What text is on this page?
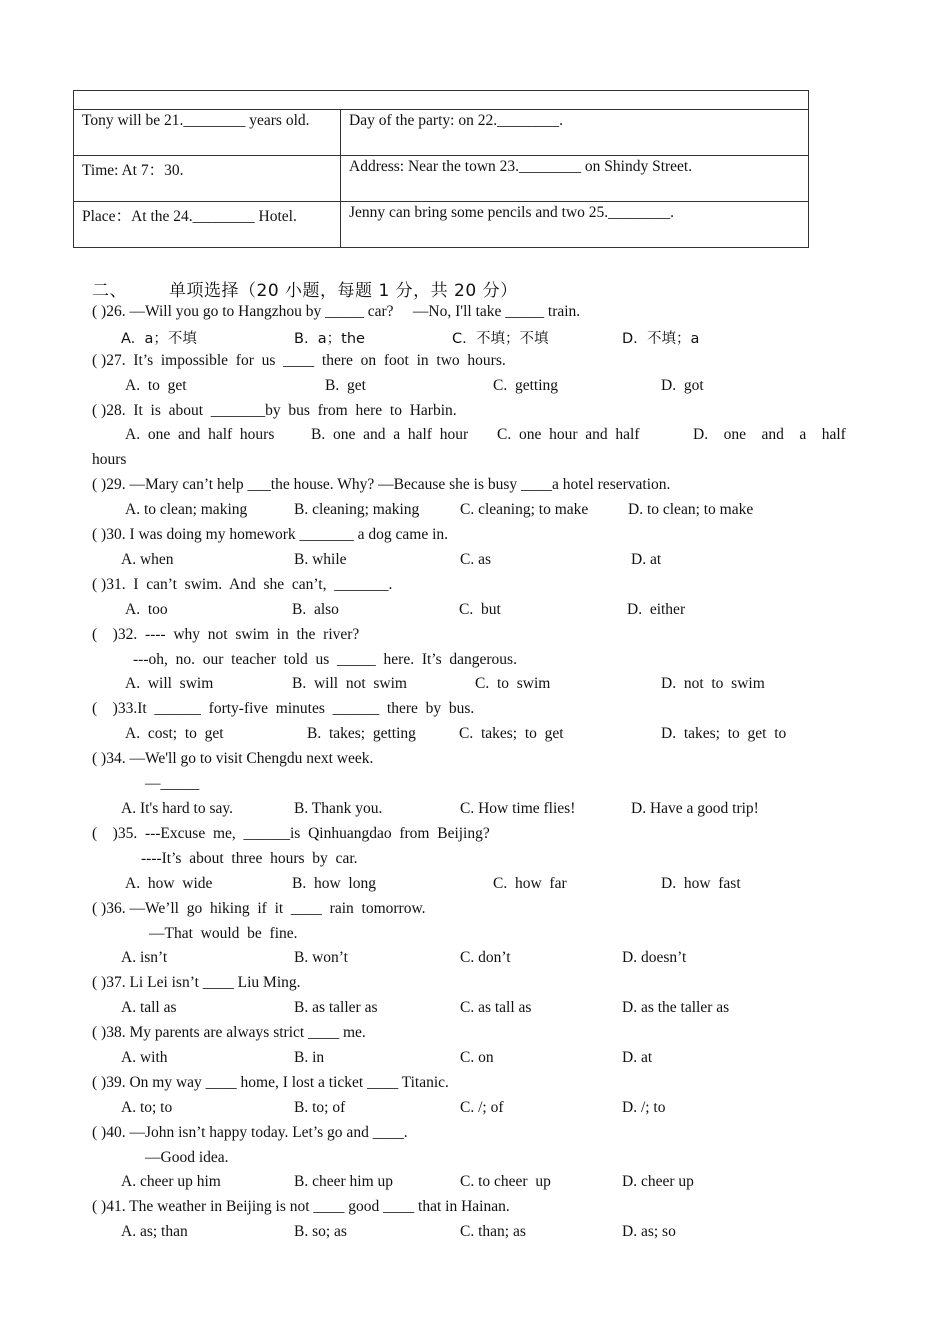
Tony will be 21.________ years old.	Day of the party: on 22.________.
Time: At 7：30.	Address: Near the town 23.________ on Shindy Street.
Place：At the 24.________ Hotel.	Jenny can bring some pencils and two 25.________.
二、 单项选择（20 小题，每题 1 分，共 20 分）
( )26. —Will you go to Hangzhou by _____ car?     —No, I'll take _____ train.
A.  a；不填	B.  a；the	C.  不填；不填	D.  不填；a
( )27.  It’s  impossible  for  us  ____  there  on  foot  in  two  hours.
A.  to  get	B.  get	C.  getting	D.  got
( )28.  It  is  about  _______by  bus  from  here  to  Harbin.
A.  one  and  half  hours B.  one  and  a  half  hour C.  one  hour  and  half	D.    one    and    a    half
hours
( )29. —Mary can’t help ___the house. Why? —Because she is busy ____a hotel reservation.
A. to clean; making	B. cleaning; making	C. cleaning; to make	D. to clean; to make
( )30. I was doing my homework _______ a dog came in.
A. when	B. while	C. as	D. at
( )31.  I  can’t  swim.  And  she  can’t,  _______.
A.  too	B.  also	C.  but	D.  either
(    )32.  ----  why  not  swim  in  the  river?
---oh,  no.  our  teacher  told  us  _____  here.  It’s  dangerous.
A.  will  swim	B.  will  not  swim	C.  to  swim	D.  not  to  swim
(    )33.It  ______  forty-five  minutes  ______  there  by  bus.
A.  cost;  to  get	B.  takes;  getting	C.  takes;  to  get	D.  takes;  to  get  to
( )34. —We'll go to visit Chengdu next week.
—_____
A. It's hard to say.	B. Thank you.	C. How time flies!	D. Have a good trip!
(    )35.  ---Excuse  me,  ______is  Qinhuangdao  from  Beijing?
----It’s  about  three  hours  by  car.
A.  how  wide	B.  how  long	C.  how  far	D.  how  fast
( )36. —We’ll  go  hiking  if  it  ____  rain  tomorrow.
—That  would  be  fine.
A. isn’t	B. won’t	C. don’t	D. doesn’t
( )37. Li Lei isn’t ____ Liu Ming.
A. tall as	B. as taller as	C. as tall as	D. as the taller as
( )38. My parents are always strict ____ me.
A. with	B. in	C. on	D. at
( )39. On my way ____ home, I lost a ticket ____ Titanic.
A. to; to	B. to; of	C. /; of	D. /; to
( )40. —John isn’t happy today. Let’s go and ____.
—Good idea.
A. cheer up him	B. cheer him up	C. to cheer  up	D. cheer up
( )41. The weather in Beijing is not ____ good ____ that in Hainan.
A. as; than	B. so; as	C. than; as	D. as; so
